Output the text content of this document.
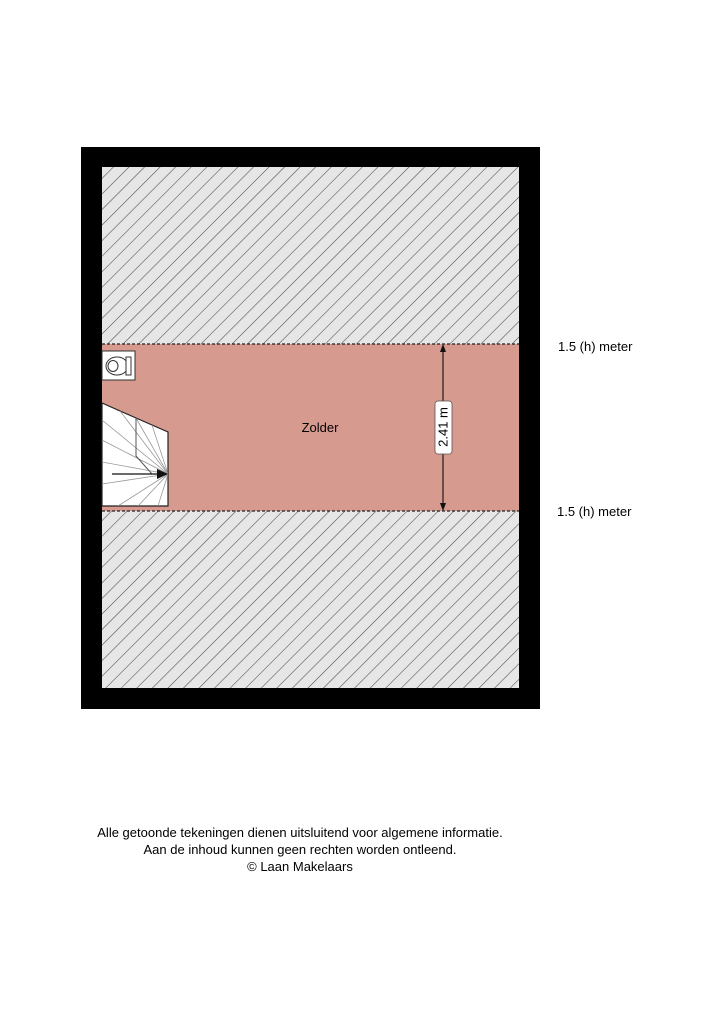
2.41 m
Zolder
1.5 (h) meter
1.5 (h) meter
Alle getoonde tekeningen dienen uitsluitend voor algemene informatie.
Aan de inhoud kunnen geen rechten worden ontleend.
© Laan Makelaars
